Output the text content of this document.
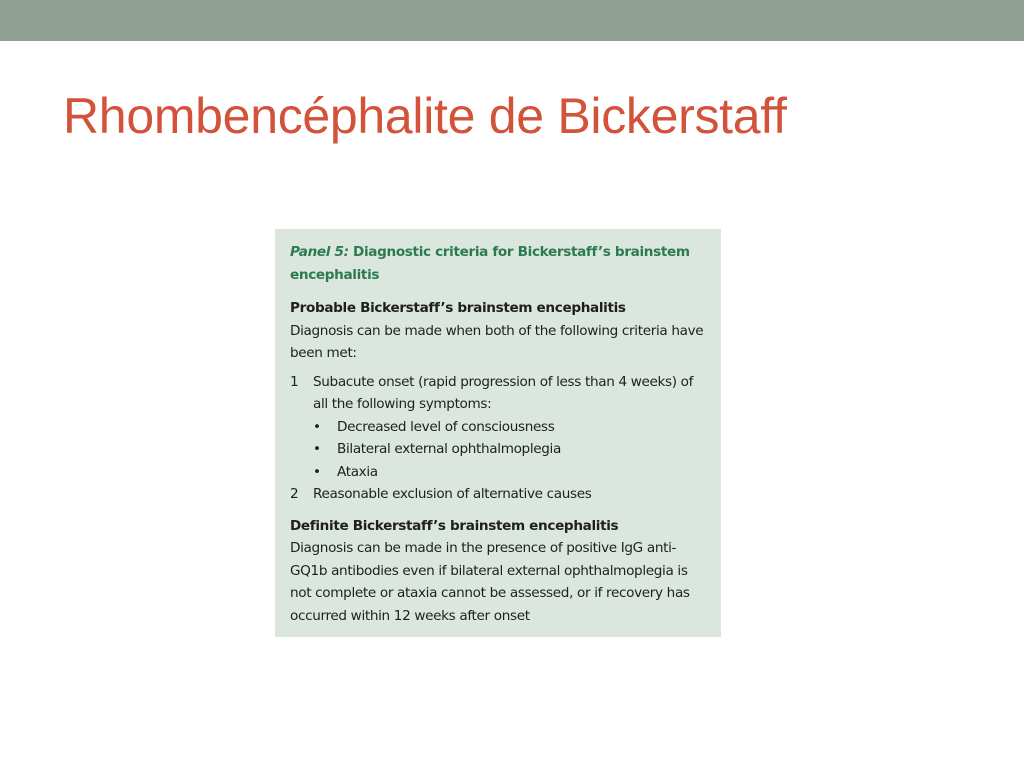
Rhombencéphalite de Bickerstaff

Panel 5: Diagnostic criteria for Bickerstaff’s brainstem encephalitis

Probable Bickerstaff’s brainstem encephalitis

Diagnosis can be made when both of the following criteria have been met:

1	Subacute onset (rapid progression of less than 4 weeks) of all the following symptoms:
•	Decreased level of consciousness
•	Bilateral external ophthalmoplegia
•	Ataxia
2	Reasonable exclusion of alternative causes

Definite Bickerstaff’s brainstem encephalitis

Diagnosis can be made in the presence of positive IgG anti-GQ1b antibodies even if bilateral external ophthalmoplegia is not complete or ataxia cannot be assessed, or if recovery has occurred within 12 weeks after onset
